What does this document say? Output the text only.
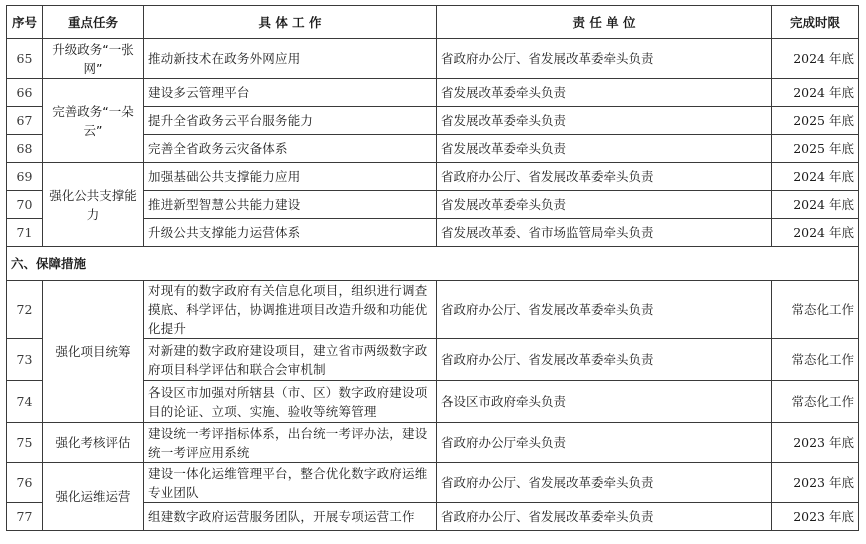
序号	重点任务	具 体 工 作	责 任 单 位	完成时限
65	升级政务“一张网”	推动新技术在政务外网应用	省政府办公厅、省发展改革委牵头负责	2024 年底
66	完善政务“一朵云”	建设多云管理平台	省发展改革委牵头负责	2024 年底
67		提升全省政务云平台服务能力	省发展改革委牵头负责	2025 年底
68		完善全省政务云灾备体系	省发展改革委牵头负责	2025 年底
69	强化公共支撑能力	加强基础公共支撑能力应用	省政府办公厅、省发展改革委牵头负责	2024 年底
70		推进新型智慧公共能力建设	省发展改革委牵头负责	2024 年底
71		升级公共支撑能力运营体系	省发展改革委、省市场监管局牵头负责	2024 年底
六、保障措施				
72	强化项目统筹	对现有的数字政府有关信息化项目，组织进行调查摸底、科学评估，协调推进项目改造升级和功能优化提升	省政府办公厅、省发展改革委牵头负责	常态化工作
73		对新建的数字政府建设项目，建立省市两级数字政府项目科学评估和联合会审机制	省政府办公厅、省发展改革委牵头负责	常态化工作
74		各设区市加强对所辖县（市、区）数字政府建设项目的论证、立项、实施、验收等统筹管理	各设区市政府牵头负责	常态化工作
75	强化考核评估	建设统一考评指标体系，出台统一考评办法，建设统一考评应用系统	省政府办公厅牵头负责	2023 年底
76	强化运维运营	建设一体化运维管理平台，整合优化数字政府运维专业团队	省政府办公厅、省发展改革委牵头负责	2023 年底
77		组建数字政府运营服务团队，开展专项运营工作	省政府办公厅、省发展改革委牵头负责	2023 年底
